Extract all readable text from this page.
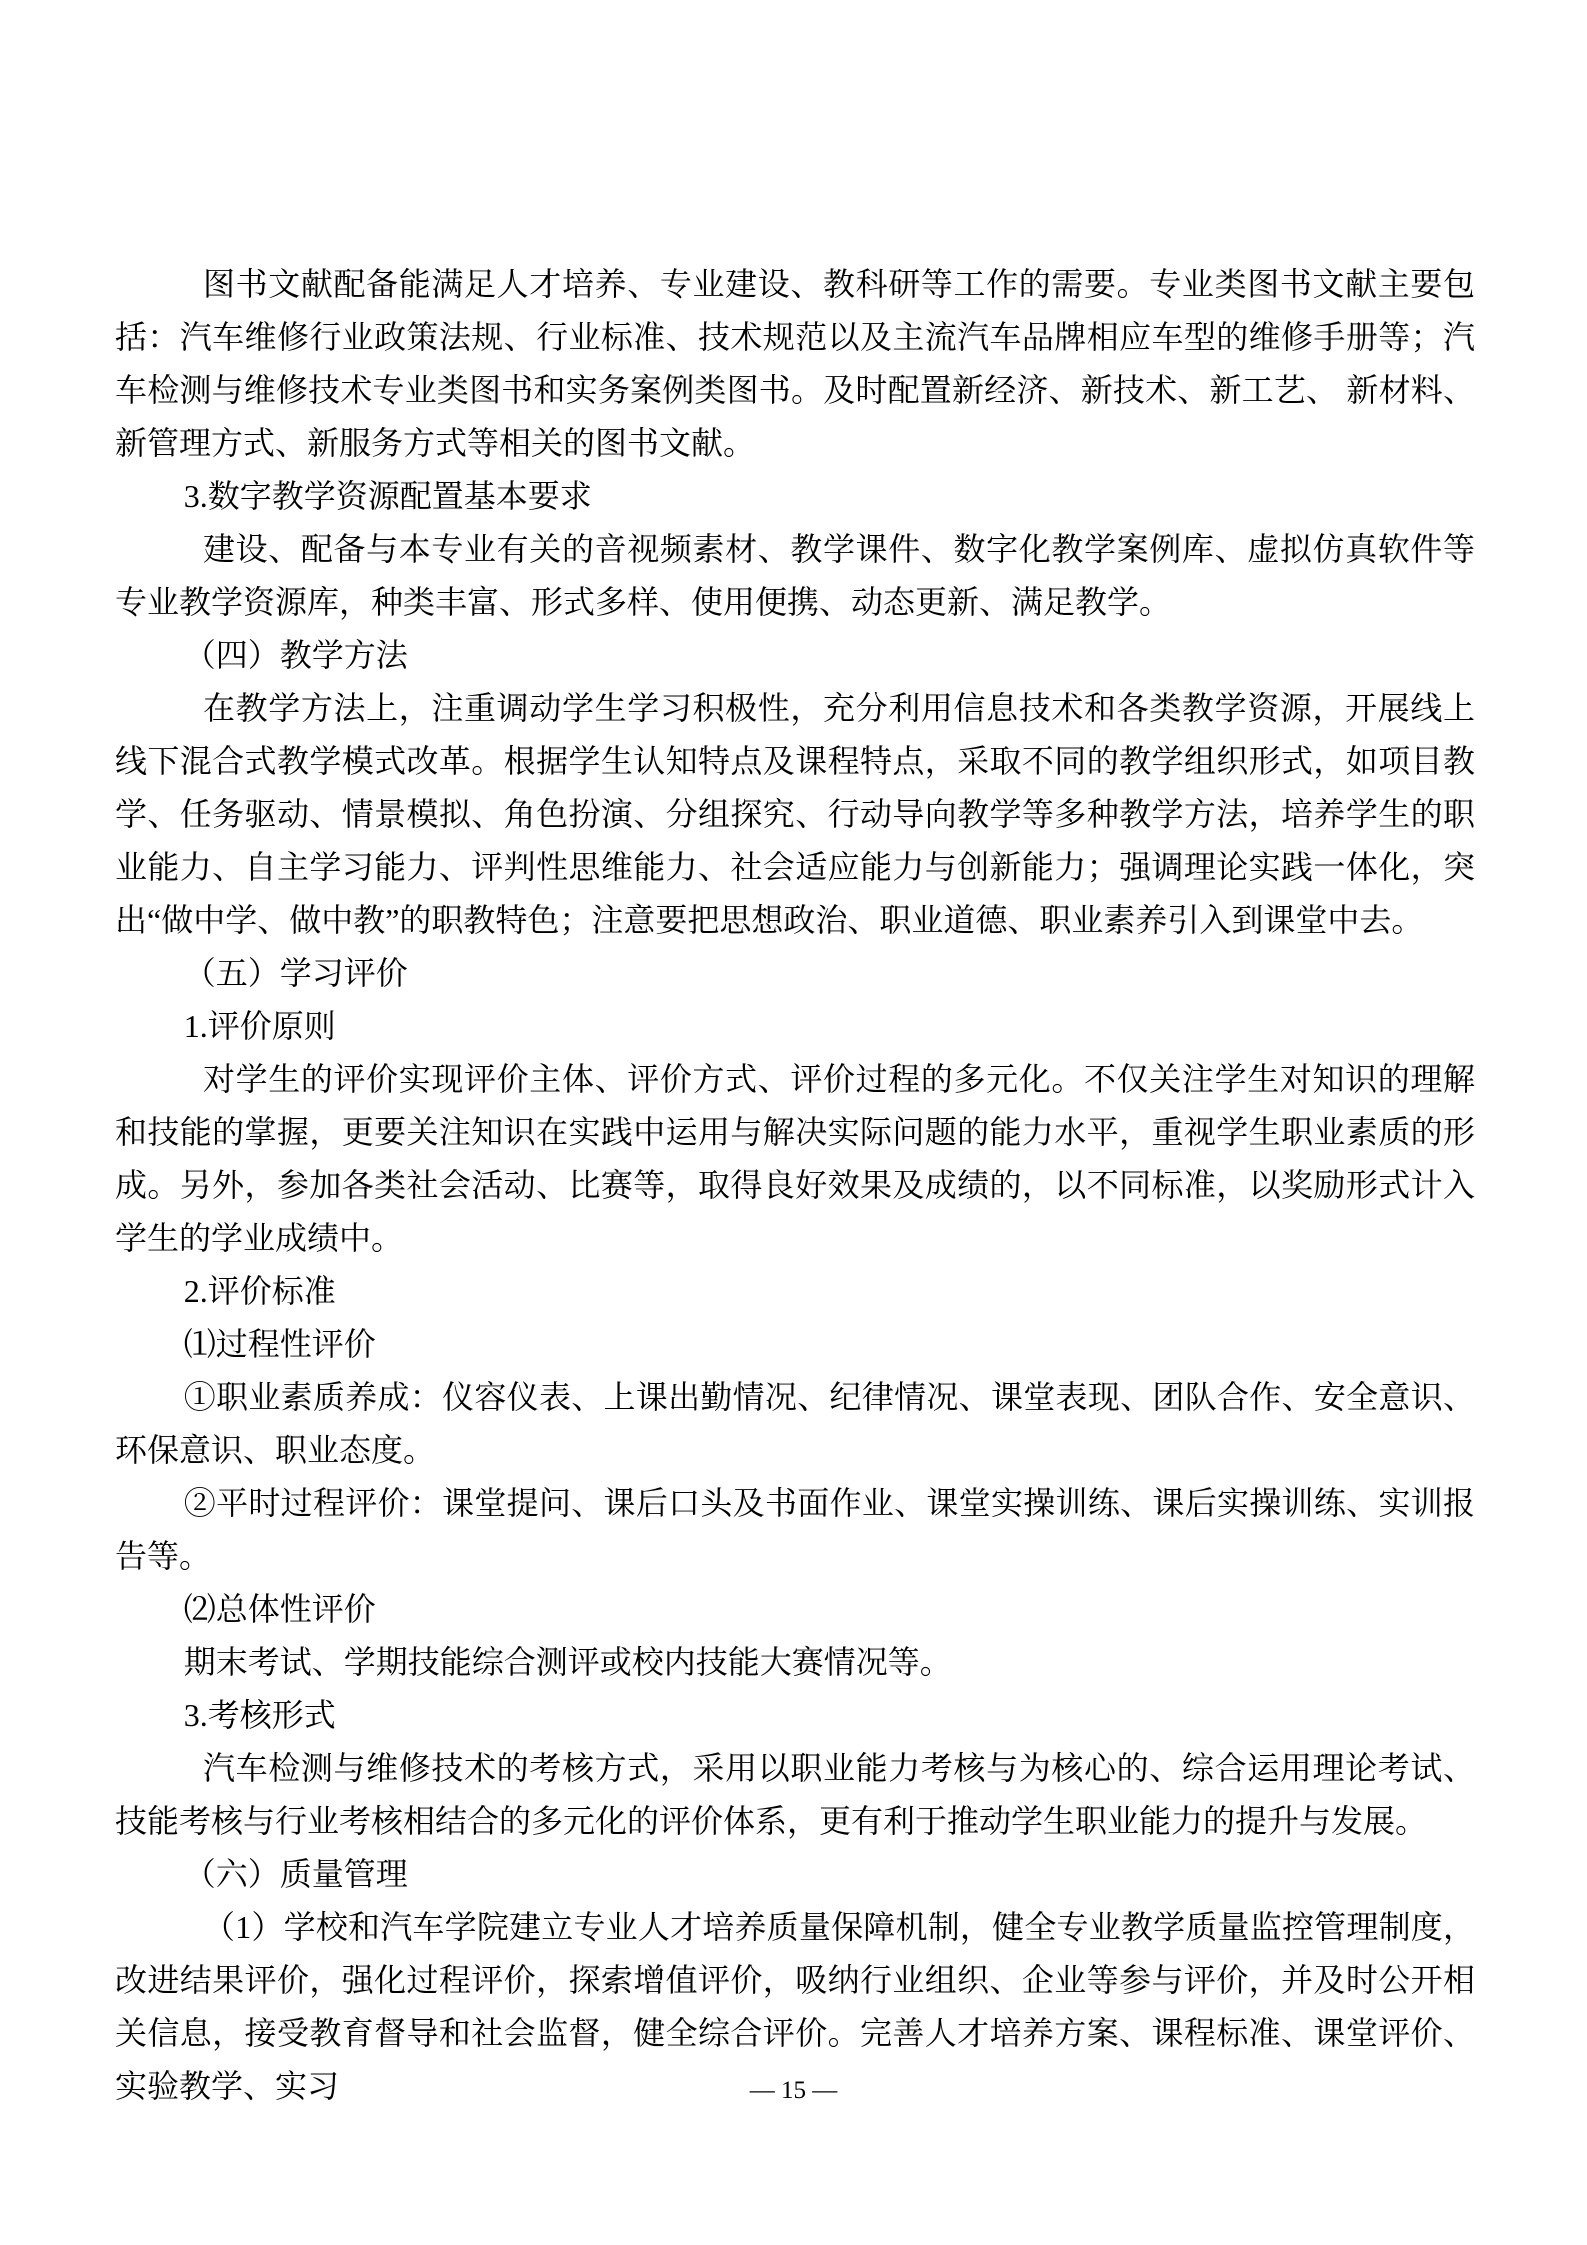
图书文献配备能满足人才培养、专业建设、教科研等工作的需要。专业类图书文献主要包括：汽车维修行业政策法规、行业标准、技术规范以及主流汽车品牌相应车型的维修手册等；汽车检测与维修技术专业类图书和实务案例类图书。及时配置新经济、新技术、新工艺、 新材料、新管理方式、新服务方式等相关的图书文献。

3.数字教学资源配置基本要求

建设、配备与本专业有关的音视频素材、教学课件、数字化教学案例库、虚拟仿真软件等专业教学资源库，种类丰富、形式多样、使用便携、动态更新、满足教学。

（四）教学方法

在教学方法上，注重调动学生学习积极性，充分利用信息技术和各类教学资源，开展线上线下混合式教学模式改革。根据学生认知特点及课程特点，采取不同的教学组织形式，如项目教学、任务驱动、情景模拟、角色扮演、分组探究、行动导向教学等多种教学方法，培养学生的职业能力、自主学习能力、评判性思维能力、社会适应能力与创新能力；强调理论实践一体化，突出“做中学、做中教”的职教特色；注意要把思想政治、职业道德、职业素养引入到课堂中去。

（五）学习评价

1.评价原则

对学生的评价实现评价主体、评价方式、评价过程的多元化。不仅关注学生对知识的理解和技能的掌握，更要关注知识在实践中运用与解决实际问题的能力水平，重视学生职业素质的形成。另外，参加各类社会活动、比赛等，取得良好效果及成绩的，以不同标准，以奖励形式计入学生的学业成绩中。

2.评价标准

⑴过程性评价

①职业素质养成：仪容仪表、上课出勤情况、纪律情况、课堂表现、团队合作、安全意识、环保意识、职业态度。

②平时过程评价：课堂提问、课后口头及书面作业、课堂实操训练、课后实操训练、实训报告等。

⑵总体性评价

期末考试、学期技能综合测评或校内技能大赛情况等。

3.考核形式

汽车检测与维修技术的考核方式，采用以职业能力考核与为核心的、综合运用理论考试、技能考核与行业考核相结合的多元化的评价体系，更有利于推动学生职业能力的提升与发展。

（六）质量管理

（1）学校和汽车学院建立专业人才培养质量保障机制，健全专业教学质量监控管理制度，改进结果评价，强化过程评价，探索增值评价，吸纳行业组织、企业等参与评价，并及时公开相关信息，接受教育督导和社会监督，健全综合评价。完善人才培养方案、课程标准、课堂评价、实验教学、实习	— 15 —
